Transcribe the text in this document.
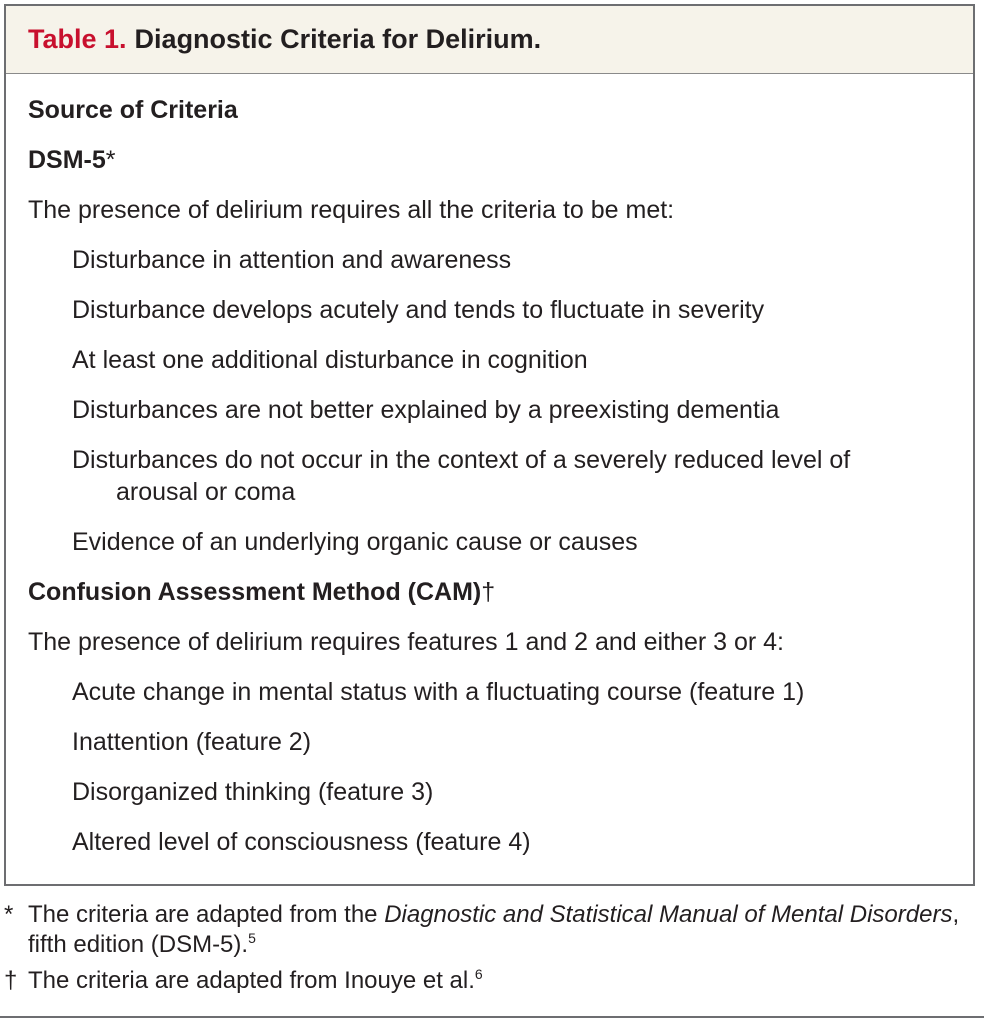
Table 1. Diagnostic Criteria for Delirium.
Source of Criteria
DSM-5*
The presence of delirium requires all the criteria to be met:
Disturbance in attention and awareness
Disturbance develops acutely and tends to fluctuate in severity
At least one additional disturbance in cognition
Disturbances are not better explained by a preexisting dementia
Disturbances do not occur in the context of a severely reduced level of arousal or coma
Evidence of an underlying organic cause or causes
Confusion Assessment Method (CAM)†
The presence of delirium requires features 1 and 2 and either 3 or 4:
Acute change in mental status with a fluctuating course (feature 1)
Inattention (feature 2)
Disorganized thinking (feature 3)
Altered level of consciousness (feature 4)
* The criteria are adapted from the Diagnostic and Statistical Manual of Mental Disorders, fifth edition (DSM-5).$^5$
† The criteria are adapted from Inouye et al.$^6$
